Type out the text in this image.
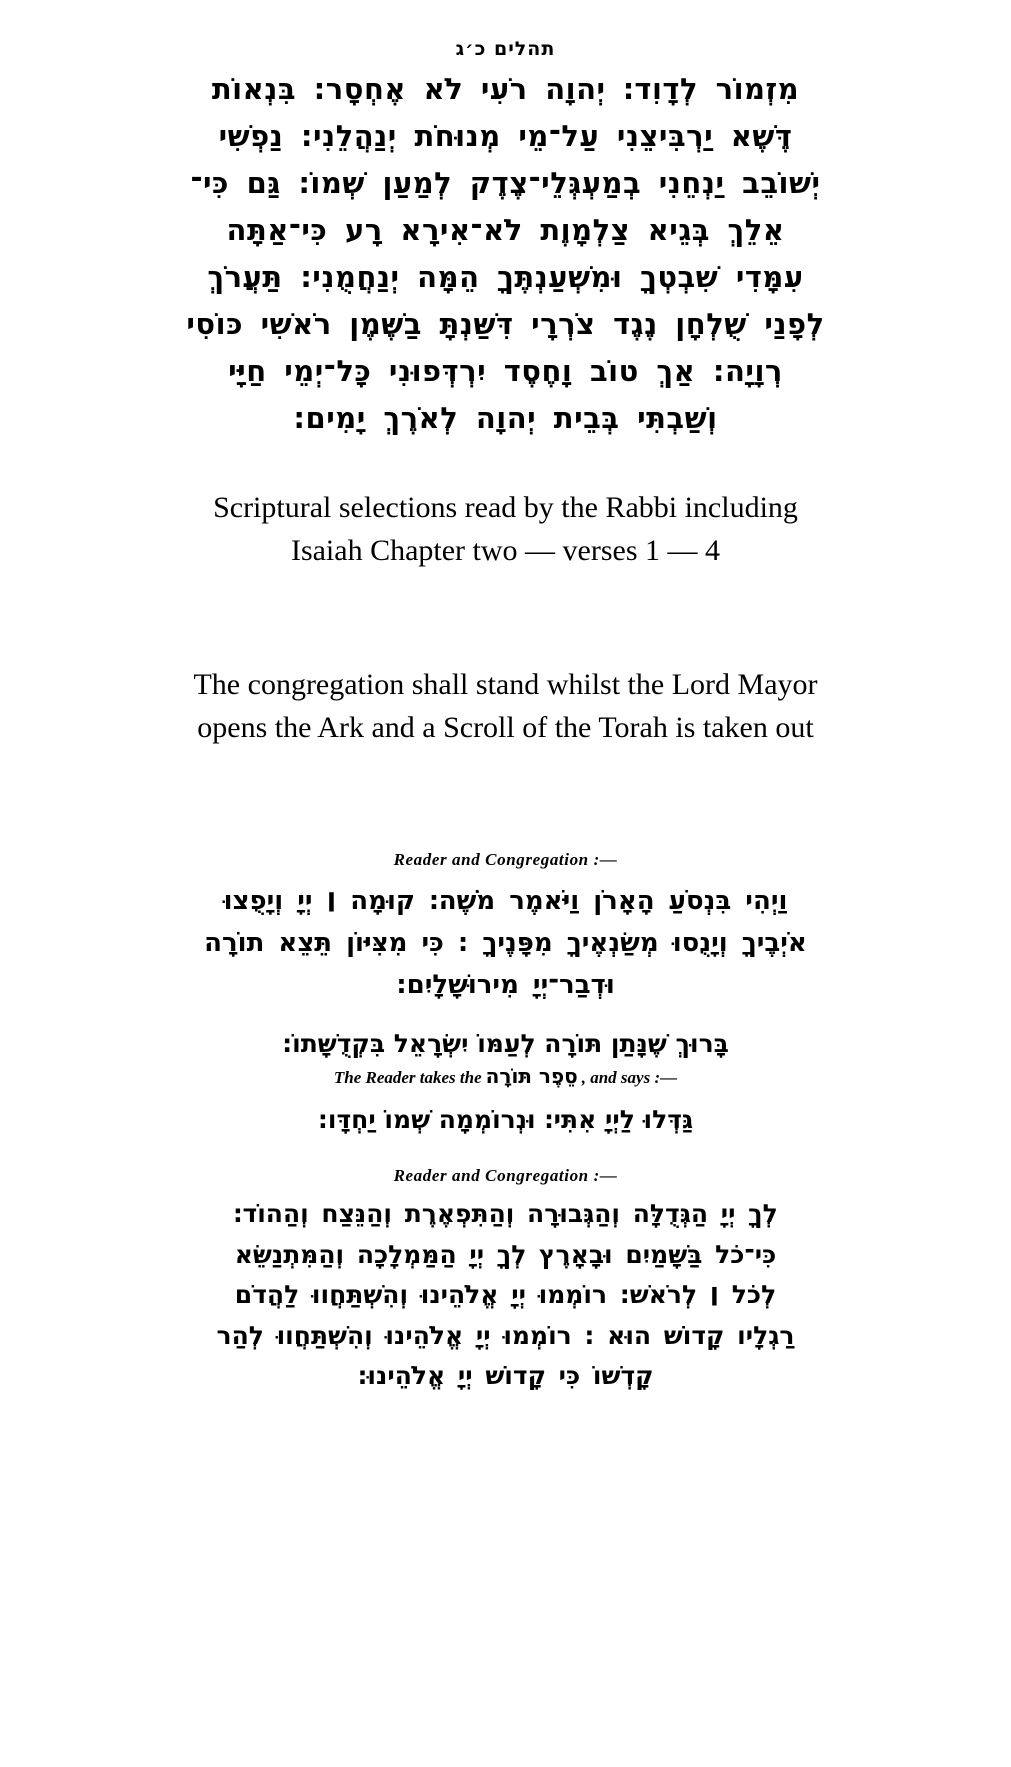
תהלים כ׳ג
מִזְמוֹר לְדָוִד׃ יְהוָה רֹעִי לֹא אֶחְסָר: בִּנְאוֹת
דֶּשֶׁא יַרְבִּיצֵנִי עַל־מֵי מְנוּחֹת יְנַהֲלֵנִי: נַפְשִׁי
יְשׁוֹבֵב יַנְחֵנִי בְמַעְגְּלֵי־צֶדֶק לְמַעַן שְׁמוֹ: גַּם כִּי־
אֵלֵךְ בְּגֵיא צַלְמָוֶת לֹא־אִירָא רָע כִּי־אַתָּה
עִמָּדִי שִׁבְטְךָ וּמִשְׁעַנְתֶּךָ הֵמָּה יְנַחֲמֻנִי: תַּעֲרֹךְ
לְפָנַי שֻׁלְחָן נֶגֶד צֹרְרָי דִּשַּׁנְתָּ בַשֶּׁמֶן רֹאשִׁי כּוֹסִי
רְוָיָה: אַךְ טוֹב וָחֶסֶד יִרְדְּפוּנִי כָּל־יְמֵי חַיָּי
וְשַׁבְתִּי בְּבֵית יְהוָה לְאֹרֶךְ יָמִים:
Scriptural selections read by the Rabbi including
Isaiah Chapter two — verses 1 — 4
The congregation shall stand whilst the Lord Mayor
opens the Ark and a Scroll of the Torah is taken out
Reader and Congregation :—
וַיְהִי בִּנְסֹעַ הָאָרֹן וַיֹּאמֶר מֹשֶׁה׃ קוּמָה ׀ יְיָ וְיָפֻצוּ
אֹיְבֶיךָ וְיָנֻסוּ מְשַׂנְאֶיךָ מִפָּנֶיךָ : כִּי מִצִּיּוֹן תֵּצֵא תוֹרָה
וּדְבַר־יְיָ מִירוּשָׁלָיִם:
בָּרוּךְ שֶׁנָּתַן תּוֹרָה לְעַמּוֹ יִשְׂרָאֵל בִּקְדֻשָּׁתוֹ:
The Reader takes the סֵפֶר תּוֹרָה , and says :—
גַּדְּלוּ לַיְיָ אִתִּי׃ וּנְרוֹמְמָה שְׁמוֹ יַחְדָּו:
Reader and Congregation :—
לְךָ יְיָ הַגְּדֻלָּה וְהַגְּבוּרָה וְהַתִּפְאֶרֶת וְהַנֵּצַח וְהַהוֹד׃
כִּי־כֹל בַּשָּׁמַיִם וּבָאָרֶץ לְךָ יְיָ הַמַּמְלָכָה וְהַמִּתְנַשֵּׂא
לְכֹל ׀ לְרֹאשׁ: רוֹמְמוּ יְיָ אֱלֹהֵינוּ וְהִשְׁתַּחֲווּ לַהֲדֹם
רַגְלָיו קָדוֹשׁ הוּא : רוֹמְמוּ יְיָ אֱלֹהֵינוּ וְהִשְׁתַּחֲווּ לְהַר
קָדְשׁוֹ כִּי קָדוֹשׁ יְיָ אֱלֹהֵינוּ:
